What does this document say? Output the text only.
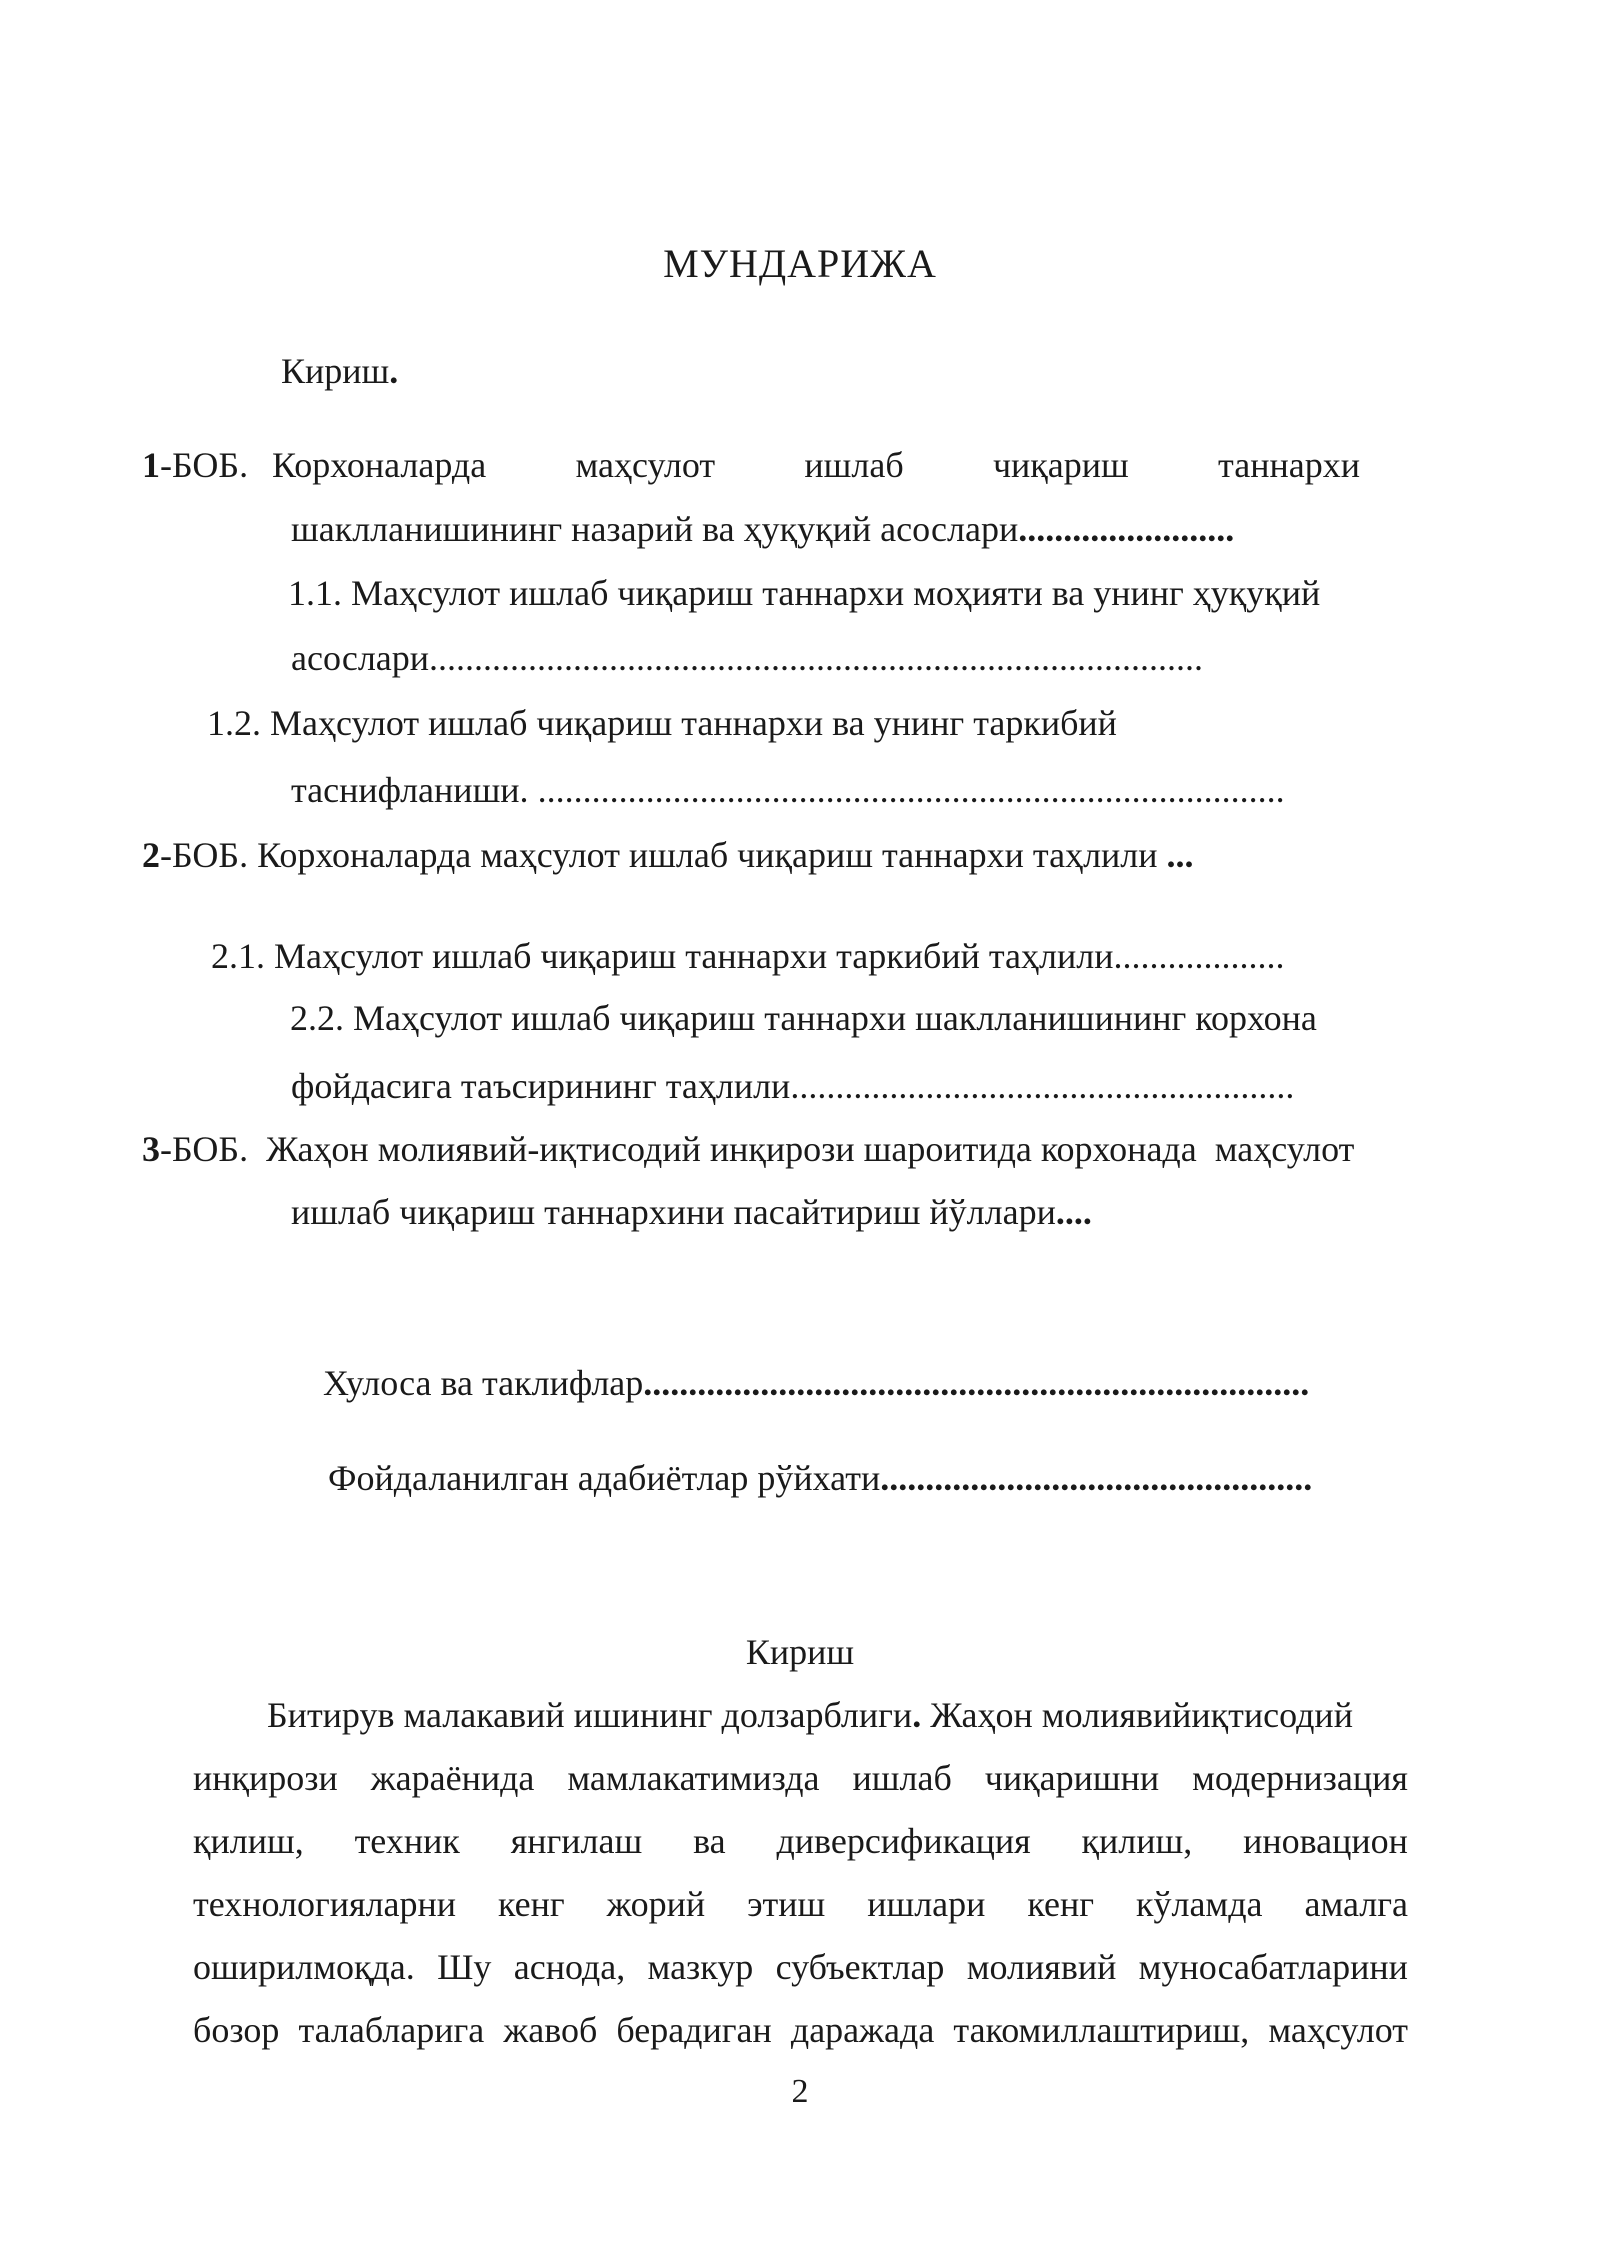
МУНДАРИЖА
Кириш.
1-БОБ. Корхоналарда маҳсулот ишлаб чиқариш таннархи
шаклланишининг назарий ва ҳуқуқий асослари........................
1.1. Маҳсулот ишлаб чиқариш таннархи моҳияти ва унинг ҳуқуқий
асослари......................................................................................
1.2. Маҳсулот ишлаб чиқариш таннархи ва унинг таркибий
таснифланиши. ...................................................................................
2-БОБ. Корхоналарда маҳсулот ишлаб чиқариш таннархи таҳлили ...
2.1. Маҳсулот ишлаб чиқариш таннархи таркибий таҳлили...................
2.2. Маҳсулот ишлаб чиқариш таннархи шаклланишининг корхона
фойдасига таъсирининг таҳлили........................................................
3-БОБ.  Жаҳон молиявий-иқтисодий инқирози шароитида корхонада  маҳсулот
ишлаб чиқариш таннархини пасайтириш йўллари....
Хулоса ва таклифлар..........................................................................
Фойдаланилган адабиётлар рўйхати................................................
Кириш
Битирув малакавий ишининг долзарблиги. Жаҳон молиявийиқтисодий
инқирози жараёнида мамлакатимизда ишлаб чиқаришни модернизация
қилиш, техник янгилаш ва диверсификация қилиш, иновацион
технологияларни кенг жорий этиш ишлари кенг кўламда амалга
оширилмоқда. Шу аснода, мазкур субъектлар молиявий муносабатларини
бозор талабларига жавоб берадиган даражада такомиллаштириш, маҳсулот
2
